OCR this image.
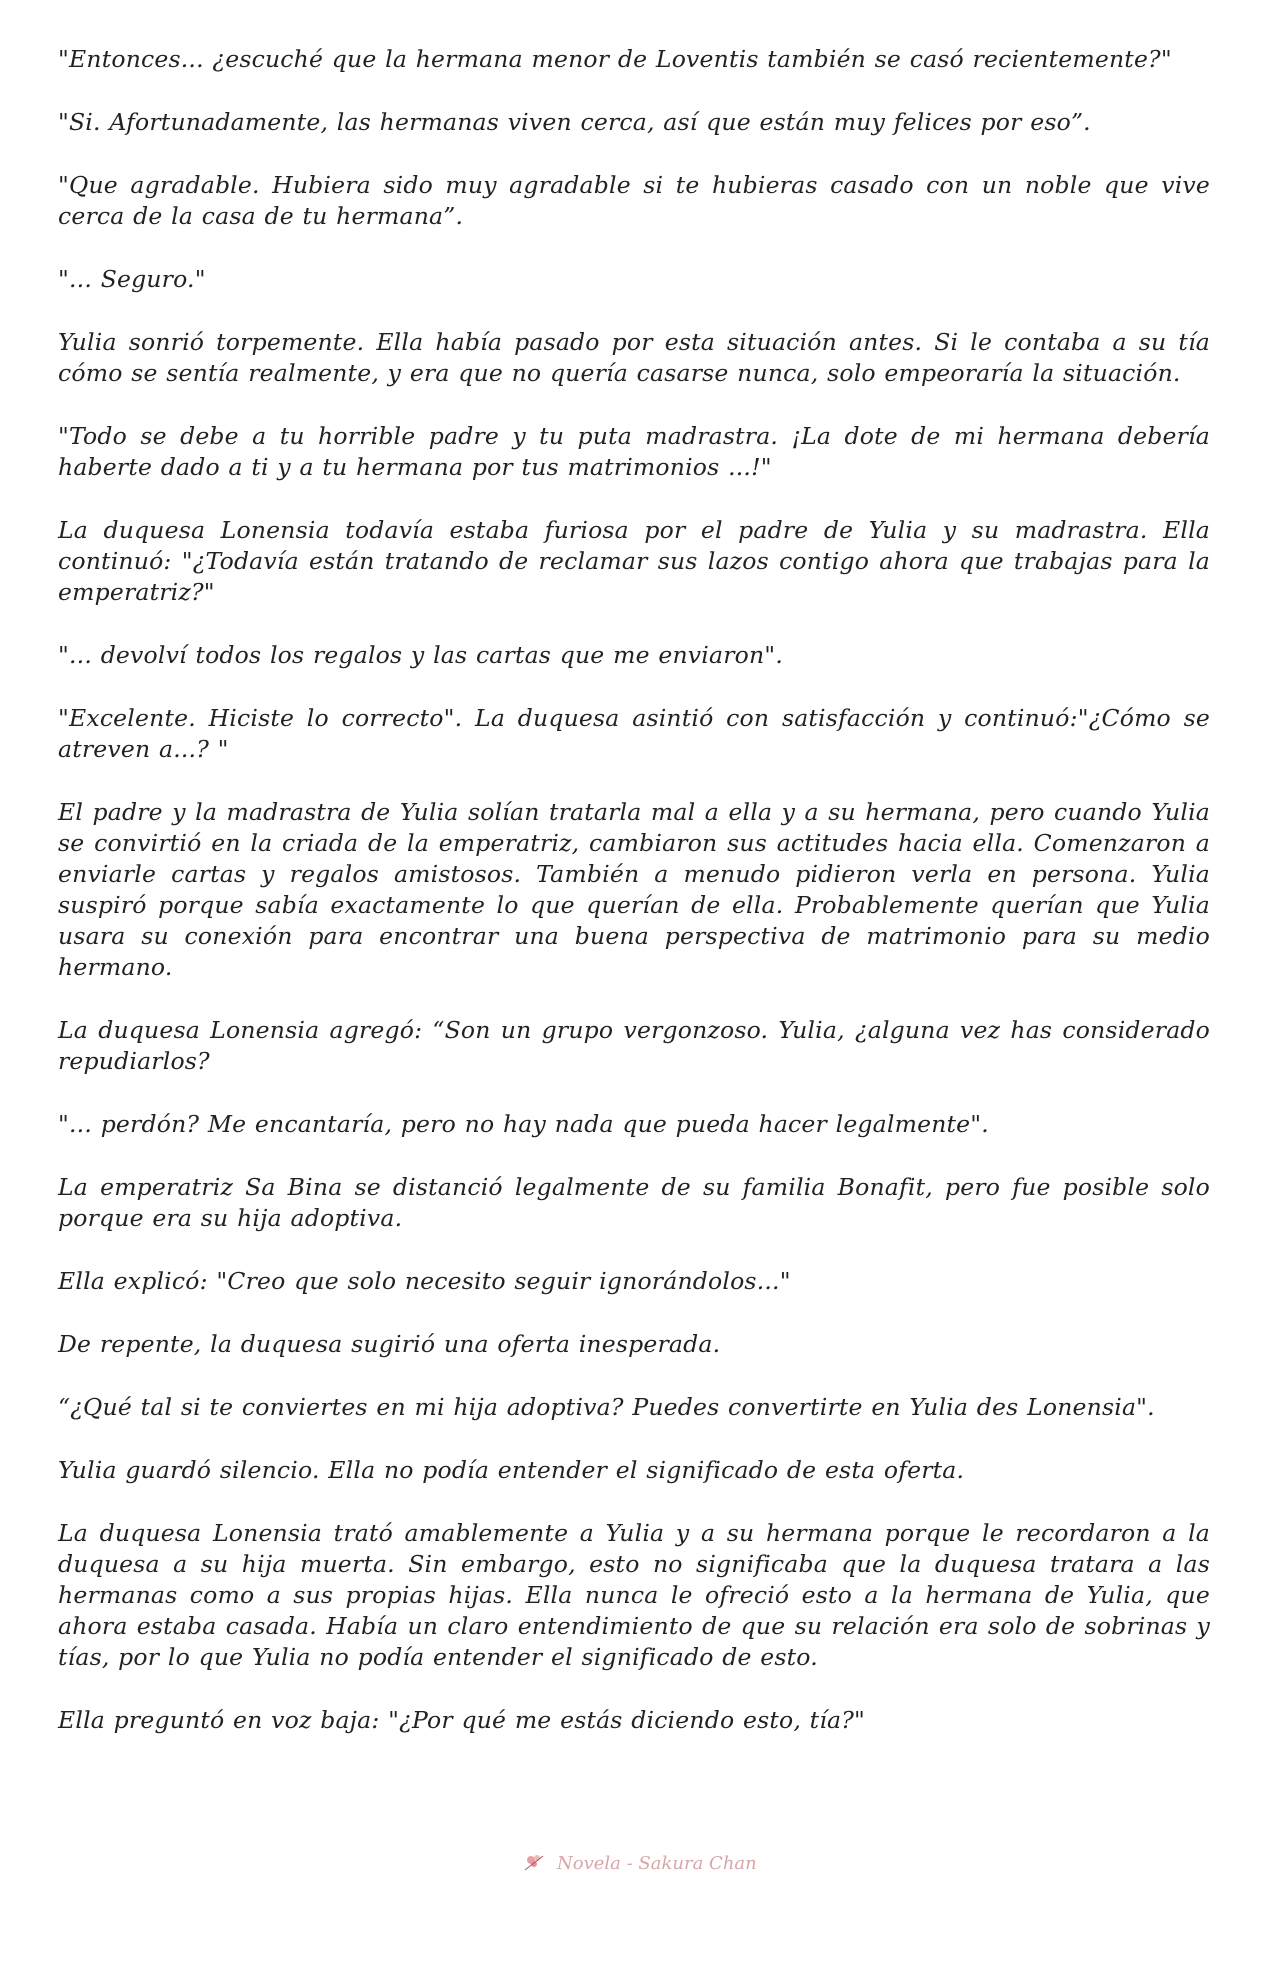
"Entonces... ¿escuché que la hermana menor de Loventis también se casó recientemente?"

"Si. Afortunadamente, las hermanas viven cerca, así que están muy felices por eso”.

"Que agradable. Hubiera sido muy agradable si te hubieras casado con un noble que vive cerca de la casa de tu hermana”.

"... Seguro."

Yulia sonrió torpemente. Ella había pasado por esta situación antes. Si le contaba a su tía cómo se sentía realmente, y era que no quería casarse nunca, solo empeoraría la situación.

"Todo se debe a tu horrible padre y tu puta madrastra. ¡La dote de mi hermana debería haberte dado a ti y a tu hermana por tus matrimonios ...!"

La duquesa Lonensia todavía estaba furiosa por el padre de Yulia y su madrastra. Ella continuó: "¿Todavía están tratando de reclamar sus lazos contigo ahora que trabajas para la emperatriz?"

"... devolví todos los regalos y las cartas que me enviaron".

"Excelente. Hiciste lo correcto". La duquesa asintió con satisfacción y continuó:"¿Cómo se atreven a...? "

El padre y la madrastra de Yulia solían tratarla mal a ella y a su hermana, pero cuando Yulia se convirtió en la criada de la emperatriz, cambiaron sus actitudes hacia ella. Comenzaron a enviarle cartas y regalos amistosos. También a menudo pidieron verla en persona. Yulia suspiró porque sabía exactamente lo que querían de ella. Probablemente querían que Yulia usara su conexión para encontrar una buena perspectiva de matrimonio para su medio hermano.

La duquesa Lonensia agregó: “Son un grupo vergonzoso. Yulia, ¿alguna vez has considerado repudiarlos?

"... perdón? Me encantaría, pero no hay nada que pueda hacer legalmente".

La emperatriz Sa Bina se distanció legalmente de su familia Bonafit, pero fue posible solo porque era su hija adoptiva.

Ella explicó: "Creo que solo necesito seguir ignorándolos..."

De repente, la duquesa sugirió una oferta inesperada.

“¿Qué tal si te conviertes en mi hija adoptiva? Puedes convertirte en Yulia des Lonensia".

Yulia guardó silencio. Ella no podía entender el significado de esta oferta.

La duquesa Lonensia trató amablemente a Yulia y a su hermana porque le recordaron a la duquesa a su hija muerta. Sin embargo, esto no significaba que la duquesa tratara a las hermanas como a sus propias hijas. Ella nunca le ofreció esto a la hermana de Yulia, que ahora estaba casada. Había un claro entendimiento de que su relación era solo de sobrinas y tías, por lo que Yulia no podía entender el significado de esto.

Ella preguntó en voz baja: "¿Por qué me estás diciendo esto, tía?"

Novela - Sakura Chan
